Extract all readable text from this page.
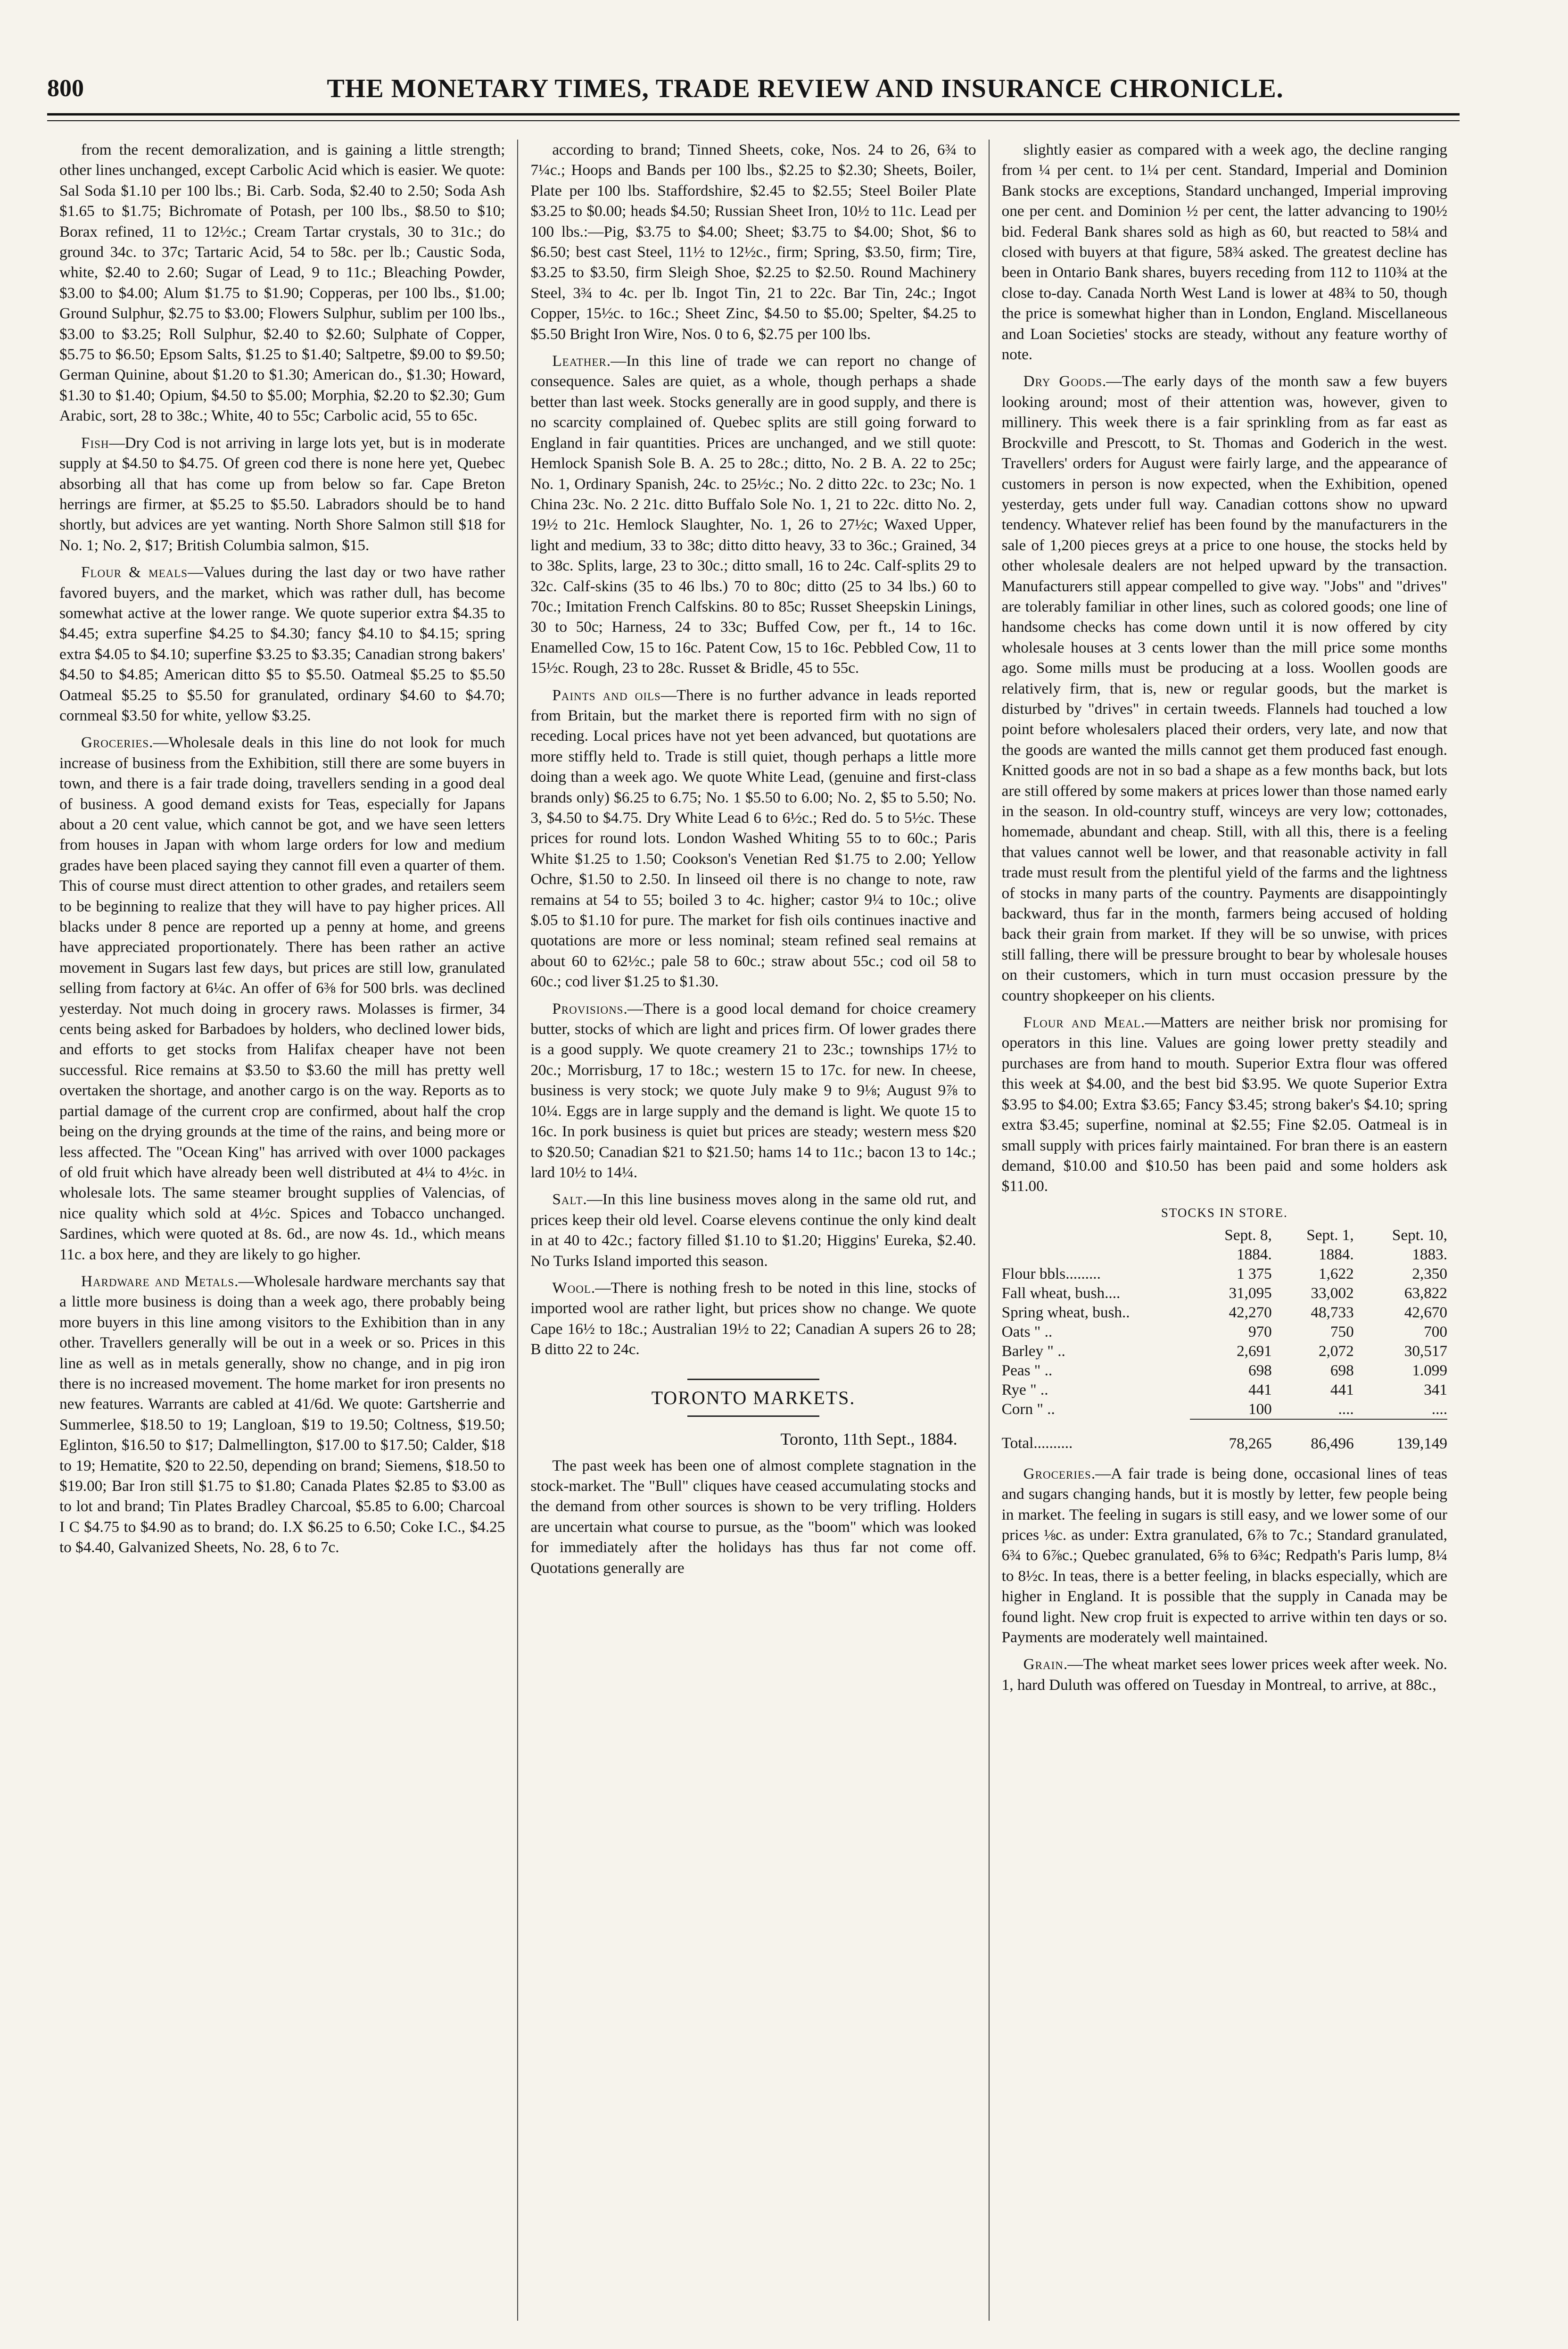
800	THE MONETARY TIMES, TRADE REVIEW AND INSURANCE CHRONICLE.

from the recent demoralization, and is gaining a little strength; other lines unchanged, except Carbolic Acid which is easier. We quote: Sal Soda $1.10 per 100 lbs.; Bi. Carb. Soda, $2.40 to 2.50; Soda Ash $1.65 to $1.75; Bichromate of Potash, per 100 lbs., $8.50 to $10; Borax refined, 11 to 12½c.; Cream Tartar crystals, 30 to 31c.; do ground 34c. to 37c; Tartaric Acid, 54 to 58c. per lb.; Caustic Soda, white, $2.40 to 2.60; Sugar of Lead, 9 to 11c.; Bleaching Powder, $3.00 to $4.00; Alum $1.75 to $1.90; Copperas, per 100 lbs., $1.00; Ground Sulphur, $2.75 to $3.00; Flowers Sulphur, sublim per 100 lbs., $3.00 to $3.25; Roll Sulphur, $2.40 to $2.60; Sulphate of Copper, $5.75 to $6.50; Epsom Salts, $1.25 to $1.40; Saltpetre, $9.00 to $9.50; German Quinine, about $1.20 to $1.30; American do., $1.30; Howard, $1.30 to $1.40; Opium, $4.50 to $5.00; Morphia, $2.20 to $2.30; Gum Arabic, sort, 28 to 38c.; White, 40 to 55c; Carbolic acid, 55 to 65c.

Fish—Dry Cod is not arriving in large lots yet, but is in moderate supply at $4.50 to $4.75. Of green cod there is none here yet, Quebec absorbing all that has come up from below so far. Cape Breton herrings are firmer, at $5.25 to $5.50. Labradors should be to hand shortly, but advices are yet wanting. North Shore Salmon still $18 for No. 1; No. 2, $17; British Columbia salmon, $15.

Flour & meals—Values during the last day or two have rather favored buyers, and the market, which was rather dull, has become somewhat active at the lower range. We quote superior extra $4.35 to $4.45; extra superfine $4.25 to $4.30; fancy $4.10 to $4.15; spring extra $4.05 to $4.10; superfine $3.25 to $3.35; Canadian strong bakers' $4.50 to $4.85; American ditto $5 to $5.50. Oatmeal $5.25 to $5.50 Oatmeal $5.25 to $5.50 for granulated, ordinary $4.60 to $4.70; cornmeal $3.50 for white, yellow $3.25.

Groceries.—Wholesale deals in this line do not look for much increase of business from the Exhibition, still there are some buyers in town, and there is a fair trade doing, travellers sending in a good deal of business. A good demand exists for Teas, especially for Japans about a 20 cent value, which cannot be got, and we have seen letters from houses in Japan with whom large orders for low and medium grades have been placed saying they cannot fill even a quarter of them. This of course must direct attention to other grades, and retailers seem to be beginning to realize that they will have to pay higher prices. All blacks under 8 pence are reported up a penny at home, and greens have appreciated proportionately. There has been rather an active movement in Sugars last few days, but prices are still low, granulated selling from factory at 6¼c. An offer of 6⅜ for 500 brls. was declined yesterday. Not much doing in grocery raws. Molasses is firmer, 34 cents being asked for Barbadoes by holders, who declined lower bids, and efforts to get stocks from Halifax cheaper have not been successful. Rice remains at $3.50 to $3.60 the mill has pretty well overtaken the shortage, and another cargo is on the way. Reports as to partial damage of the current crop are confirmed, about half the crop being on the drying grounds at the time of the rains, and being more or less affected. The "Ocean King" has arrived with over 1000 packages of old fruit which have already been well distributed at 4¼ to 4½c. in wholesale lots. The same steamer brought supplies of Valencias, of nice quality which sold at 4½c. Spices and Tobacco unchanged. Sardines, which were quoted at 8s. 6d., are now 4s. 1d., which means 11c. a box here, and they are likely to go higher.

Hardware and Metals.—Wholesale hardware merchants say that a little more business is doing than a week ago, there probably being more buyers in this line among visitors to the Exhibition than in any other. Travellers generally will be out in a week or so. Prices in this line as well as in metals generally, show no change, and in pig iron there is no increased movement. The home market for iron presents no new features. Warrants are cabled at 41/6d. We quote: Gartsherrie and Summerlee, $18.50 to 19; Langloan, $19 to 19.50; Coltness, $19.50; Eglinton, $16.50 to $17; Dalmellington, $17.00 to $17.50; Calder, $18 to 19; Hematite, $20 to 22.50, depending on brand; Siemens, $18.50 to $19.00; Bar Iron still $1.75 to $1.80; Canada Plates $2.85 to $3.00 as to lot and brand; Tin Plates Bradley Charcoal, $5.85 to 6.00; Charcoal I C $4.75 to $4.90 as to brand; do. I.X $6.25 to 6.50; Coke I.C., $4.25 to $4.40, Galvanized Sheets, No. 28, 6 to 7c.

according to brand; Tinned Sheets, coke, Nos. 24 to 26, 6¾ to 7¼c.; Hoops and Bands per 100 lbs., $2.25 to $2.30; Sheets, Boiler, Plate per 100 lbs. Staffordshire, $2.45 to $2.55; Steel Boiler Plate $3.25 to $0.00; heads $4.50; Russian Sheet Iron, 10½ to 11c. Lead per 100 lbs.:—Pig, $3.75 to $4.00; Sheet; $3.75 to $4.00; Shot, $6 to $6.50; best cast Steel, 11½ to 12½c., firm; Spring, $3.50, firm; Tire, $3.25 to $3.50, firm Sleigh Shoe, $2.25 to $2.50. Round Machinery Steel, 3¾ to 4c. per lb. Ingot Tin, 21 to 22c. Bar Tin, 24c.; Ingot Copper, 15½c. to 16c.; Sheet Zinc, $4.50 to $5.00; Spelter, $4.25 to $5.50 Bright Iron Wire, Nos. 0 to 6, $2.75 per 100 lbs.

Leather.—In this line of trade we can report no change of consequence. Sales are quiet, as a whole, though perhaps a shade better than last week. Stocks generally are in good supply, and there is no scarcity complained of. Quebec splits are still going forward to England in fair quantities. Prices are unchanged, and we still quote: Hemlock Spanish Sole B. A. 25 to 28c.; ditto, No. 2 B. A. 22 to 25c; No. 1, Ordinary Spanish, 24c. to 25½c.; No. 2 ditto 22c. to 23c; No. 1 China 23c. No. 2 21c. ditto Buffalo Sole No. 1, 21 to 22c. ditto No. 2, 19½ to 21c. Hemlock Slaughter, No. 1, 26 to 27½c; Waxed Upper, light and medium, 33 to 38c; ditto ditto heavy, 33 to 36c.; Grained, 34 to 38c. Splits, large, 23 to 30c.; ditto small, 16 to 24c. Calf-splits 29 to 32c. Calf-skins (35 to 46 lbs.) 70 to 80c; ditto (25 to 34 lbs.) 60 to 70c.; Imitation French Calfskins. 80 to 85c; Russet Sheepskin Linings, 30 to 50c; Harness, 24 to 33c; Buffed Cow, per ft., 14 to 16c. Enamelled Cow, 15 to 16c. Patent Cow, 15 to 16c. Pebbled Cow, 11 to 15½c. Rough, 23 to 28c. Russet & Bridle, 45 to 55c.

Paints and oils—There is no further advance in leads reported from Britain, but the market there is reported firm with no sign of receding. Local prices have not yet been advanced, but quotations are more stiffly held to. Trade is still quiet, though perhaps a little more doing than a week ago. We quote White Lead, (genuine and first-class brands only) $6.25 to 6.75; No. 1 $5.50 to 6.00; No. 2, $5 to 5.50; No. 3, $4.50 to $4.75. Dry White Lead 6 to 6½c.; Red do. 5 to 5½c. These prices for round lots. London Washed Whiting 55 to to 60c.; Paris White $1.25 to 1.50; Cookson's Venetian Red $1.75 to 2.00; Yellow Ochre, $1.50 to 2.50. In linseed oil there is no change to note, raw remains at 54 to 55; boiled 3 to 4c. higher; castor 9¼ to 10c.; olive $.05 to $1.10 for pure. The market for fish oils continues inactive and quotations are more or less nominal; steam refined seal remains at about 60 to 62½c.; pale 58 to 60c.; straw about 55c.; cod oil 58 to 60c.; cod liver $1.25 to $1.30.

Provisions.—There is a good local demand for choice creamery butter, stocks of which are light and prices firm. Of lower grades there is a good supply. We quote creamery 21 to 23c.; townships 17½ to 20c.; Morrisburg, 17 to 18c.; western 15 to 17c. for new. In cheese, business is very stock; we quote July make 9 to 9⅛; August 9⅞ to 10¼. Eggs are in large supply and the demand is light. We quote 15 to 16c. In pork business is quiet but prices are steady; western mess $20 to $20.50; Canadian $21 to $21.50; hams 14 to 11c.; bacon 13 to 14c.; lard 10½ to 14¼.

Salt.—In this line business moves along in the same old rut, and prices keep their old level. Coarse elevens continue the only kind dealt in at 40 to 42c.; factory filled $1.10 to $1.20; Higgins' Eureka, $2.40. No Turks Island imported this season.

Wool.—There is nothing fresh to be noted in this line, stocks of imported wool are rather light, but prices show no change. We quote Cape 16½ to 18c.; Australian 19½ to 22; Canadian A supers 26 to 28; B ditto 22 to 24c.

TORONTO MARKETS.
Toronto, 11th Sept., 1884.

The past week has been one of almost complete stagnation in the stock-market. The "Bull" cliques have ceased accumulating stocks and the demand from other sources is shown to be very trifling. Holders are uncertain what course to pursue, as the "boom" which was looked for immediately after the holidays has thus far not come off. Quotations generally are

slightly easier as compared with a week ago, the decline ranging from ¼ per cent. to 1¼ per cent. Standard, Imperial and Dominion Bank stocks are exceptions, Standard unchanged, Imperial improving one per cent. and Dominion ½ per cent, the latter advancing to 190½ bid. Federal Bank shares sold as high as 60, but reacted to 58¼ and closed with buyers at that figure, 58¾ asked. The greatest decline has been in Ontario Bank shares, buyers receding from 112 to 110¾ at the close to-day. Canada North West Land is lower at 48¾ to 50, though the price is somewhat higher than in London, England. Miscellaneous and Loan Societies' stocks are steady, without any feature worthy of note.

Dry Goods.—The early days of the month saw a few buyers looking around; most of their attention was, however, given to millinery. This week there is a fair sprinkling from as far east as Brockville and Prescott, to St. Thomas and Goderich in the west. Travellers' orders for August were fairly large, and the appearance of customers in person is now expected, when the Exhibition, opened yesterday, gets under full way. Canadian cottons show no upward tendency. Whatever relief has been found by the manufacturers in the sale of 1,200 pieces greys at a price to one house, the stocks held by other wholesale dealers are not helped upward by the transaction. Manufacturers still appear compelled to give way. "Jobs" and "drives" are tolerably familiar in other lines, such as colored goods; one line of handsome checks has come down until it is now offered by city wholesale houses at 3 cents lower than the mill price some months ago. Some mills must be producing at a loss. Woollen goods are relatively firm, that is, new or regular goods, but the market is disturbed by "drives" in certain tweeds. Flannels had touched a low point before wholesalers placed their orders, very late, and now that the goods are wanted the mills cannot get them produced fast enough. Knitted goods are not in so bad a shape as a few months back, but lots are still offered by some makers at prices lower than those named early in the season. In old-country stuff, winceys are very low; cottonades, homemade, abundant and cheap. Still, with all this, there is a feeling that values cannot well be lower, and that reasonable activity in fall trade must result from the plentiful yield of the farms and the lightness of stocks in many parts of the country. Payments are disappointingly backward, thus far in the month, farmers being accused of holding back their grain from market. If they will be so unwise, with prices still falling, there will be pressure brought to bear by wholesale houses on their customers, which in turn must occasion pressure by the country shopkeeper on his clients.

Flour and Meal.—Matters are neither brisk nor promising for operators in this line. Values are going lower pretty steadily and purchases are from hand to mouth. Superior Extra flour was offered this week at $4.00, and the best bid $3.95. We quote Superior Extra $3.95 to $4.00; Extra $3.65; Fancy $3.45; strong baker's $4.10; spring extra $3.45; superfine, nominal at $2.55; Fine $2.05. Oatmeal is in small supply with prices fairly maintained. For bran there is an eastern demand, $10.00 and $10.50 has been paid and some holders ask $11.00.

STOCKS IN STORE.			
	Sept. 8,	Sept. 1,	Sept. 10,
	1884.	1884.	1883.
Flour bbls.........	1 375	1,622	2,350
Fall wheat, bush....	31,095	33,002	63,822
Spring wheat, bush..	42,270	48,733	42,670
Oats " ..	970	750	700
Barley " ..	2,691	2,072	30,517
Peas " ..	698	698	1.099
Rye " ..	441	441	341
Corn " ..	100	....	....
Total..........	78,265	86,496	139,149

Groceries.—A fair trade is being done, occasional lines of teas and sugars changing hands, but it is mostly by letter, few people being in market. The feeling in sugars is still easy, and we lower some of our prices ⅛c. as under: Extra granulated, 6⅞ to 7c.; Standard granulated, 6¾ to 6⅞c.; Quebec granulated, 6⅝ to 6¾c; Redpath's Paris lump, 8¼ to 8½c. In teas, there is a better feeling, in blacks especially, which are higher in England. It is possible that the supply in Canada may be found light. New crop fruit is expected to arrive within ten days or so. Payments are moderately well maintained.

Grain.—The wheat market sees lower prices week after week. No. 1, hard Duluth was offered on Tuesday in Montreal, to arrive, at 88c.,
